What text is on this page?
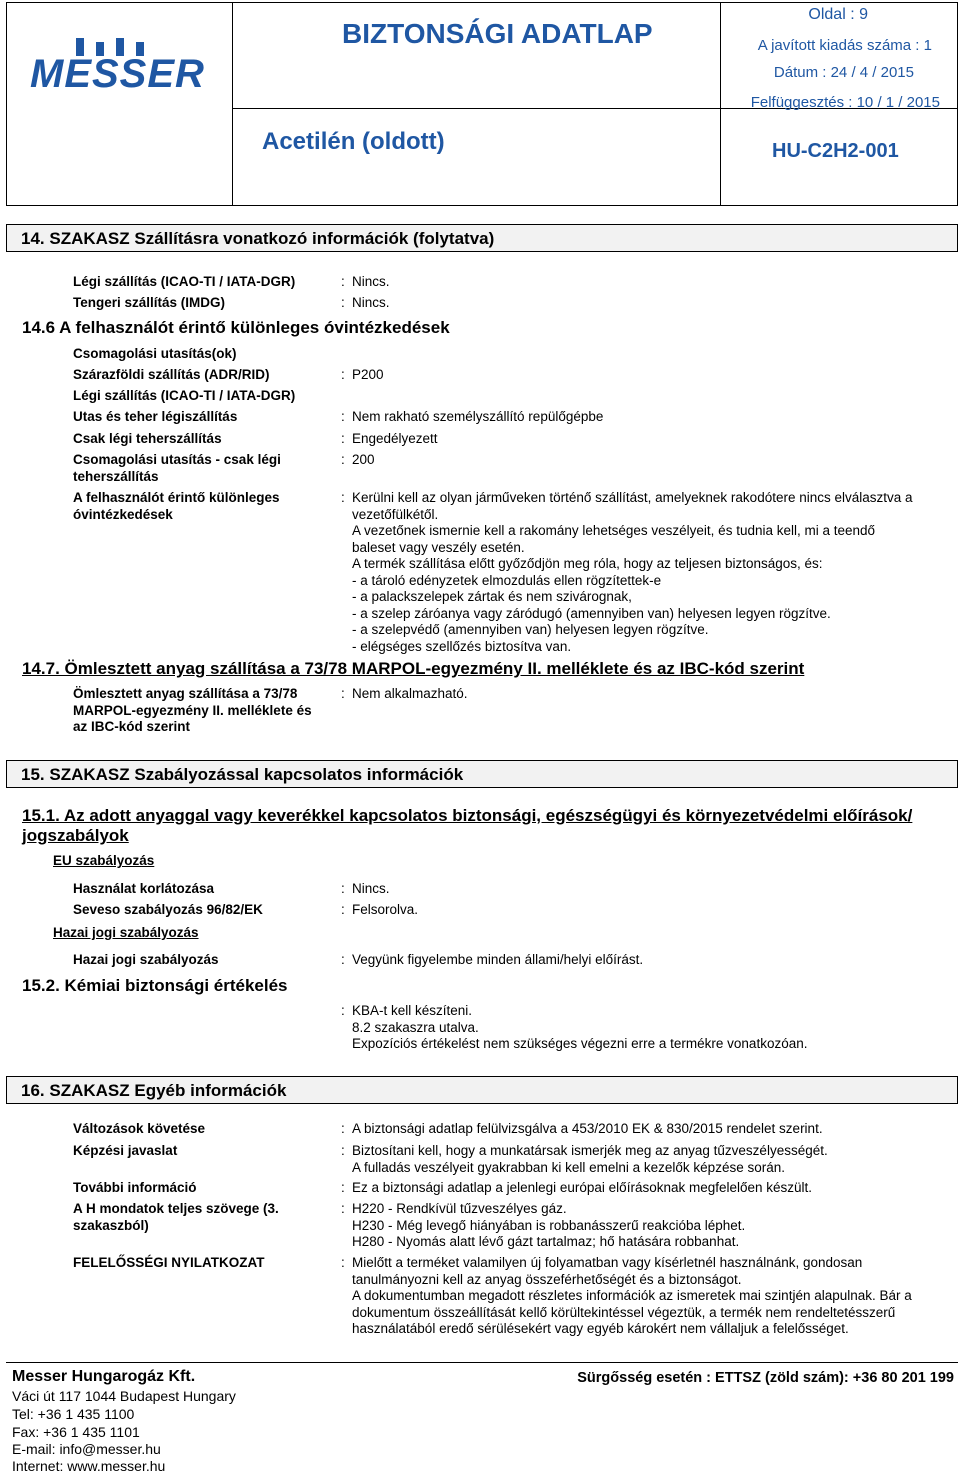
MESSER
BIZTONSÁGI ADATLAP
Acetilén (oldott)
Oldal : 9
A javított kiadás száma : 1
Dátum : 24 / 4 / 2015
Felfüggesztés : 10 / 1 / 2015
HU-C2H2-001
14. SZAKASZ Szállításra vonatkozó információk (folytatva)
Légi szállítás (ICAO-TI / IATA-DGR)	: Nincs.
Tengeri szállítás (IMDG)	: Nincs.
14.6 A felhasználót érintő különleges óvintézkedések
Csomagolási utasítás(ok)
Szárazföldi szállítás (ADR/RID)	: P200
Légi szállítás (ICAO-TI / IATA-DGR)
Utas és teher légiszállítás	: Nem rakható személyszállító repülőgépbe
Csak légi teherszállítás	: Engedélyezett
Csomagolási utasítás - csak légi
teherszállítás
: 200
A felhasználót érintő különleges
óvintézkedések
: Kerülni kell az olyan járműveken történő szállítást, amelyeknek rakodótere nincs elválasztva a
vezetőfülkétől.
A vezetőnek ismernie kell a rakomány lehetséges veszélyeit, és tudnia kell, mi a teendő
baleset vagy veszély esetén.
A termék szállítása előtt győződjön meg róla, hogy az teljesen biztonságos, és:
- a tároló edényzetek elmozdulás ellen rögzítettek-e
- a palackszelepek zártak és nem szivárognak,
- a szelep záróanya vagy záródugó (amennyiben van) helyesen legyen rögzítve.
- a szelepvédő (amennyiben van) helyesen legyen rögzítve.
- elégséges szellőzés biztosítva van.
14.7. Ömlesztett anyag szállítása a 73/78 MARPOL-egyezmény II. melléklete és az IBC-kód szerint
Ömlesztett anyag szállítása a 73/78
MARPOL-egyezmény II. melléklete és
az IBC-kód szerint
: Nem alkalmazható.
15. SZAKASZ Szabályozással kapcsolatos információk
15.1. Az adott anyaggal vagy keverékkel kapcsolatos biztonsági, egészségügyi és környezetvédelmi előírások/
jogszabályok
EU szabályozás
Használat korlátozása	: Nincs.
Seveso szabályozás 96/82/EK	: Felsorolva.
Hazai jogi szabályozás
Hazai jogi szabályozás	: Vegyünk figyelembe minden állami/helyi előírást.
15.2. Kémiai biztonsági értékelés
: KBA-t kell készíteni.
8.2 szakaszra utalva.
Expozíciós értékelést nem szükséges végezni erre a termékre vonatkozóan.
16. SZAKASZ Egyéb információk
Változások követése	: A biztonsági adatlap felülvizsgálva a 453/2010 EK & 830/2015 rendelet szerint.
Képzési javaslat	: Biztosítani kell, hogy a munkatársak ismerjék meg az anyag tűzveszélyességét.
A fulladás veszélyeit gyakrabban ki kell emelni a kezelők képzése során.
További információ	: Ez a biztonsági adatlap a jelenlegi európai előírásoknak megfelelően készült.
A H mondatok teljes szövege (3.
szakaszból)
: H220 - Rendkívül tűzveszélyes gáz.
H230 - Még levegő hiányában is robbanásszerű reakcióba léphet.
H280 - Nyomás alatt lévő gázt tartalmaz; hő hatására robbanhat.
FELELŐSSÉGI NYILATKOZAT	: Mielőtt a terméket valamilyen új folyamatban vagy kísérletnél használnánk, gondosan
tanulmányozni kell az anyag összeférhetőségét és a biztonságot.
A dokumentumban megadott részletes információk az ismeretek mai szintjén alapulnak. Bár a
dokumentum összeállítását kellő körültekintéssel végeztük, a termék nem rendeltetésszerű
használatából eredő sérülésekért vagy egyéb károkért nem vállaljuk a felelősséget.
Messer Hungarogáz Kft.	Sürgősség esetén : ETTSZ (zöld szám): +36 80 201 199
Váci út 117 1044 Budapest Hungary
Tel: +36 1 435 1100
Fax: +36 1 435 1101
E-mail: info@messer.hu
Internet: www.messer.hu
